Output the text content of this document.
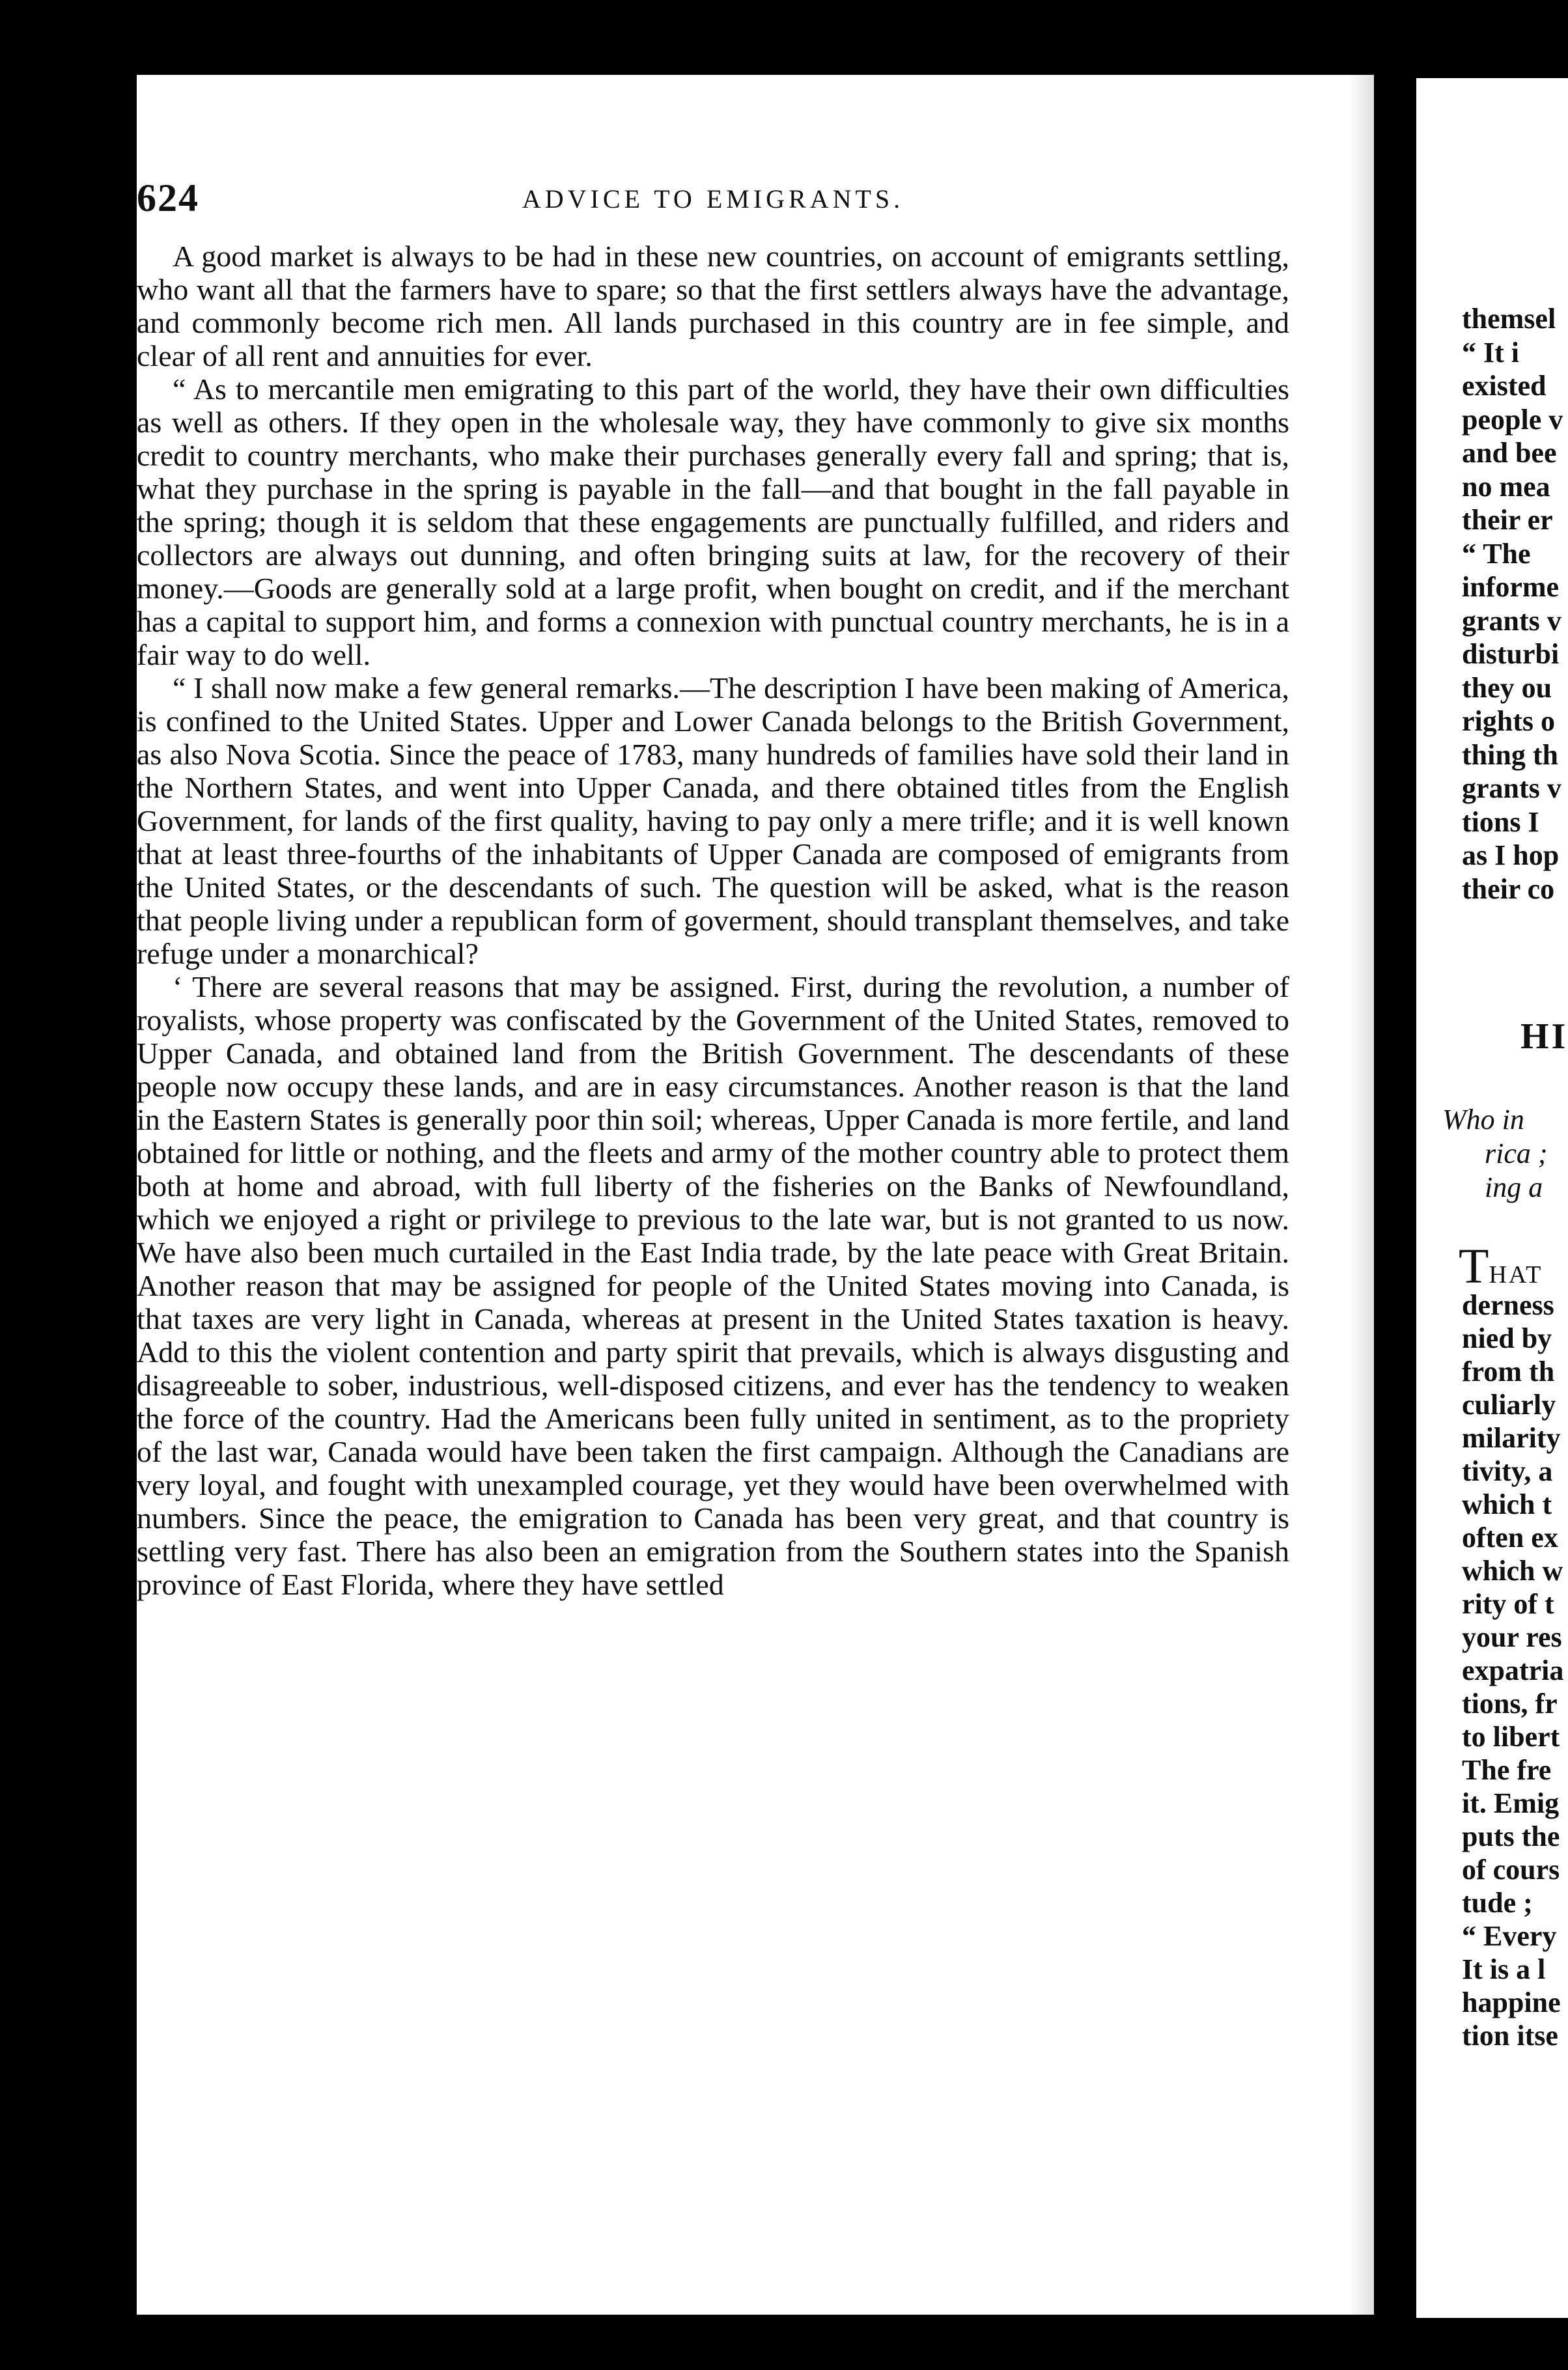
624	ADVICE TO EMIGRANTS.

A good market is always to be had in these new countries, on account of emigrants settling, who want all that the farmers have to spare; so that the first settlers always have the advantage, and commonly become rich men. All lands purchased in this country are in fee simple, and clear of all rent and annuities for ever.

“ As to mercantile men emigrating to this part of the world, they have their own difficulties as well as others. If they open in the wholesale way, they have commonly to give six months credit to country merchants, who make their purchases generally every fall and spring; that is, what they purchase in the spring is payable in the fall—and that bought in the fall payable in the spring; though it is seldom that these engagements are punctually fulfilled, and riders and collectors are always out dunning, and often bringing suits at law, for the recovery of their money.—Goods are generally sold at a large profit, when bought on credit, and if the merchant has a capital to support him, and forms a connexion with punctual country merchants, he is in a fair way to do well.

“ I shall now make a few general remarks.—The description I have been making of America, is confined to the United States. Upper and Lower Canada belongs to the British Government, as also Nova Scotia. Since the peace of 1783, many hundreds of families have sold their land in the Northern States, and went into Upper Canada, and there obtained titles from the English Government, for lands of the first quality, having to pay only a mere trifle; and it is well known that at least three-fourths of the inhabitants of Upper Canada are composed of emigrants from the United States, or the descendants of such. The question will be asked, what is the reason that people living under a republican form of goverment, should transplant themselves, and take refuge under a monarchical?

‘ There are several reasons that may be assigned. First, during the revolution, a number of royalists, whose property was confiscated by the Government of the United States, removed to Upper Canada, and obtained land from the British Government. The descendants of these people now occupy these lands, and are in easy circumstances. Another reason is that the land in the Eastern States is generally poor thin soil; whereas, Upper Canada is more fertile, and land obtained for little or nothing, and the fleets and army of the mother country able to protect them both at home and abroad, with full liberty of the fisheries on the Banks of Newfoundland, which we enjoyed a right or privilege to previous to the late war, but is not granted to us now. We have also been much curtailed in the East India trade, by the late peace with Great Britain. Another reason that may be assigned for people of the United States moving into Canada, is that taxes are very light in Canada, whereas at present in the United States taxation is heavy. Add to this the violent contention and party spirit that prevails, which is always disgusting and disagreeable to sober, industrious, well-disposed citizens, and ever has the tendency to weaken the force of the country. Had the Americans been fully united in sentiment, as to the propriety of the last war, Canada would have been taken the first campaign. Although the Canadians are very loyal, and fought with unexampled courage, yet they would have been overwhelmed with numbers. Since the peace, the emigration to Canada has been very great, and that country is settling very fast. There has also been an emigration from the Southern states into the Spanish province of East Florida, where they have settled

themsel
“ It i
existed
people v
and bee
no mea
their er
“ The
informe
grants v
disturbi
they ou
rights o
thing th
grants v
tions I
as I hop
their co
HI
Who in
rica ;
ing a
THAT
derness
nied by
from th
culiarly
milarity
tivity, a
which t
often ex
which w
rity of t
your res
expatria
tions, fr
to libert
The fre
it. Emig
puts the
of cours
tude ;
“ Every
It is a l
happine
tion itse
